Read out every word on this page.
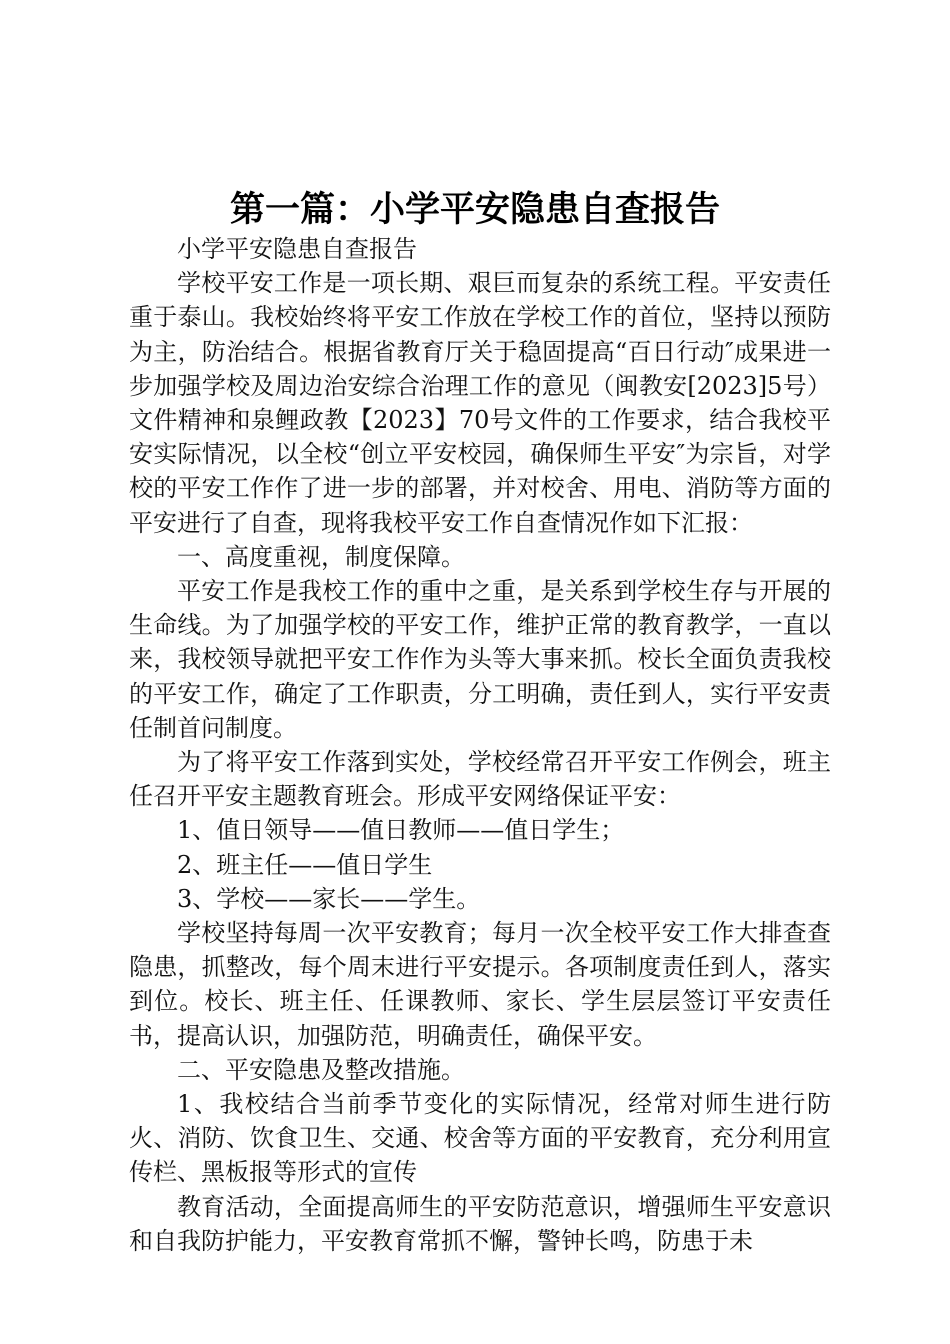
第一篇：小学平安隐患自查报告

小学平安隐患自查报告

学校平安工作是一项长期、艰巨而复杂的系统工程。平安责任重于泰山。我校始终将平安工作放在学校工作的首位，坚持以预防为主，防治结合。根据省教育厅关于稳固提高“百日行动″成果进一步加强学校及周边治安综合治理工作的意见（闽教安[2023]5号）文件精神和泉鲤政教【2023】70号文件的工作要求，结合我校平安实际情况，以全校“创立平安校园，确保师生平安″为宗旨，对学校的平安工作作了进一步的部署，并对校舍、用电、消防等方面的平安进行了自查，现将我校平安工作自查情况作如下汇报：

一、高度重视，制度保障。

平安工作是我校工作的重中之重，是关系到学校生存与开展的生命线。为了加强学校的平安工作，维护正常的教育教学，一直以来，我校领导就把平安工作作为头等大事来抓。校长全面负责我校的平安工作，确定了工作职责，分工明确，责任到人，实行平安责任制首问制度。

为了将平安工作落到实处，学校经常召开平安工作例会，班主任召开平安主题教育班会。形成平安网络保证平安：

1、值日领导——值日教师——值日学生；

2、班主任——值日学生

3、学校——家长——学生。

学校坚持每周一次平安教育；每月一次全校平安工作大排查查隐患，抓整改，每个周末进行平安提示。各项制度责任到人，落实到位。校长、班主任、任课教师、家长、学生层层签订平安责任书，提高认识，加强防范，明确责任，确保平安。

二、平安隐患及整改措施。

1、我校结合当前季节变化的实际情况，经常对师生进行防火、消防、饮食卫生、交通、校舍等方面的平安教育，充分利用宣传栏、黑板报等形式的宣传

教育活动，全面提高师生的平安防范意识，增强师生平安意识和自我防护能力，平安教育常抓不懈，警钟长鸣，防患于未
